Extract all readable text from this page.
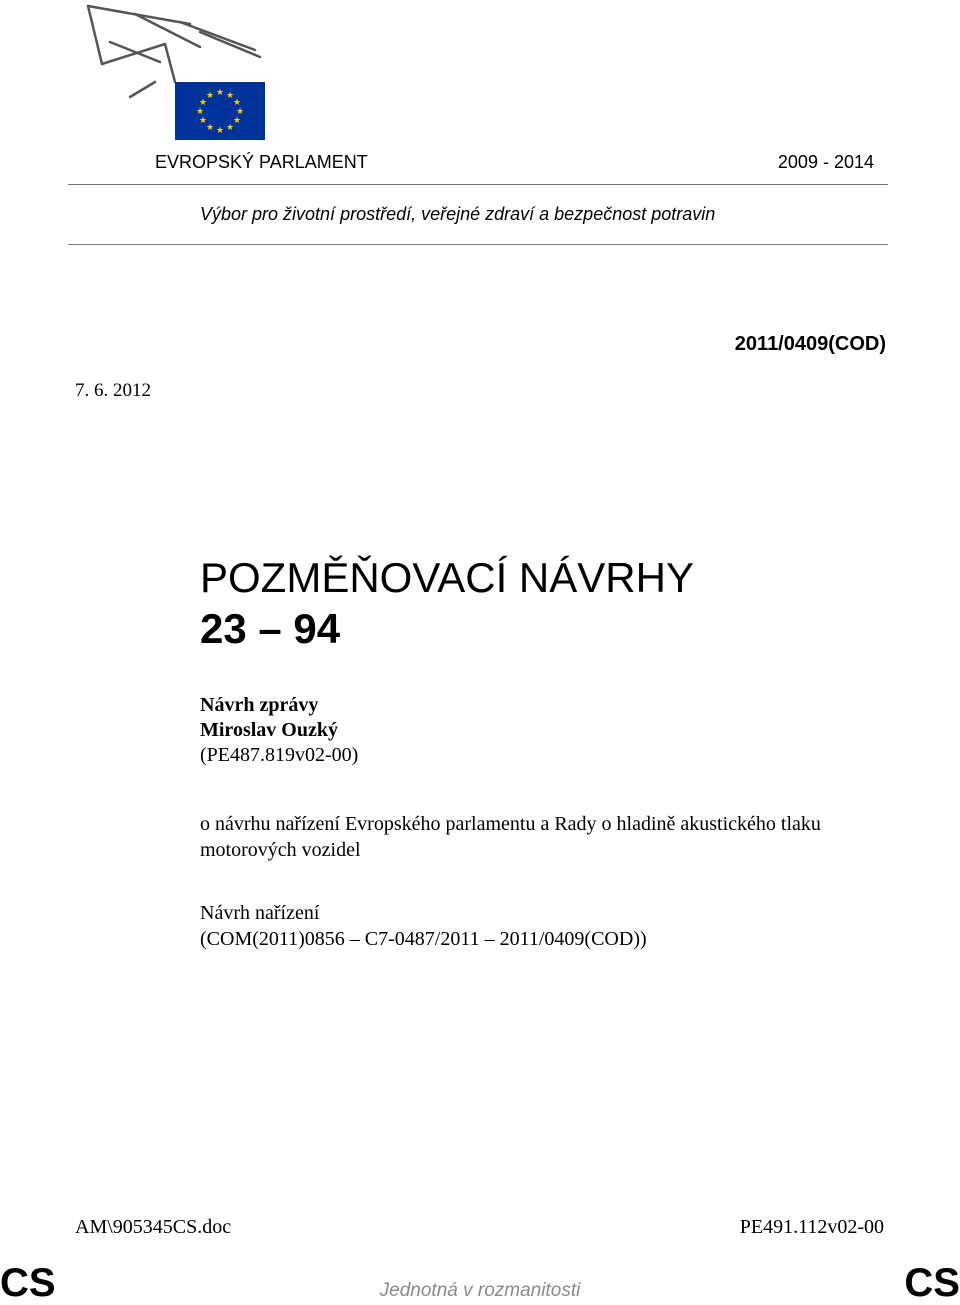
★ ★
★
★
★
★
★
★
★
★
★
★
EVROPSKÝ PARLAMENT	2009 - 2014
Výbor pro životní prostředí, veřejné zdraví a bezpečnost potravin
2011/0409(COD)
7. 6. 2012
POZMĚŇOVACÍ NÁVRHY
23 – 94
Návrh zprávy
Miroslav Ouzký
(PE487.819v02-00)
o návrhu nařízení Evropského parlamentu a Rady o hladině akustického tlaku motorových vozidel
Návrh nařízení
(COM(2011)0856 – C7-0487/2011 – 2011/0409(COD))
AM\905345CS.doc	PE491.112v02-00
Jednotná v rozmanitosti
CS	CS
